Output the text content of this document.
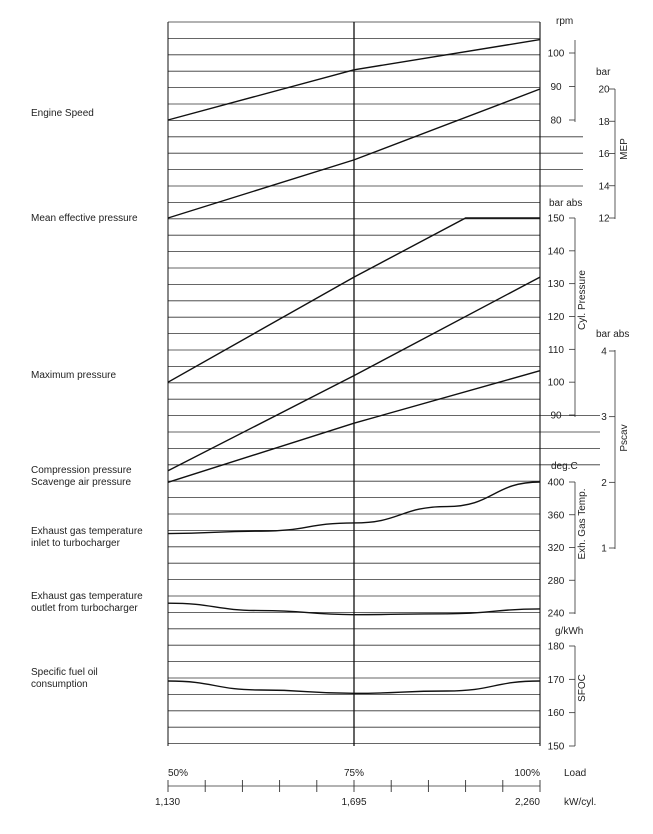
80
90
100
rpm
12
14
16
18
20
bar
MEP
90
100
110
120
130
140
150
bar abs
Cyl. Pressure
1
2
3
4
bar abs
Pscav
240
280
320
360
400
deg.C
Exh. Gas Temp.
150
160
170
180
g/kWh
SFOC
50%	75%	100% Load
1,130	1,695	2,260 kW/cyl.
Engine Speed
Mean effective pressure
Maximum pressure
Compression pressure
Scavenge air pressure
Exhaust gas temperature
inlet to turbocharger
Exhaust gas temperature
outlet from turbocharger
Specific fuel oil
consumption
